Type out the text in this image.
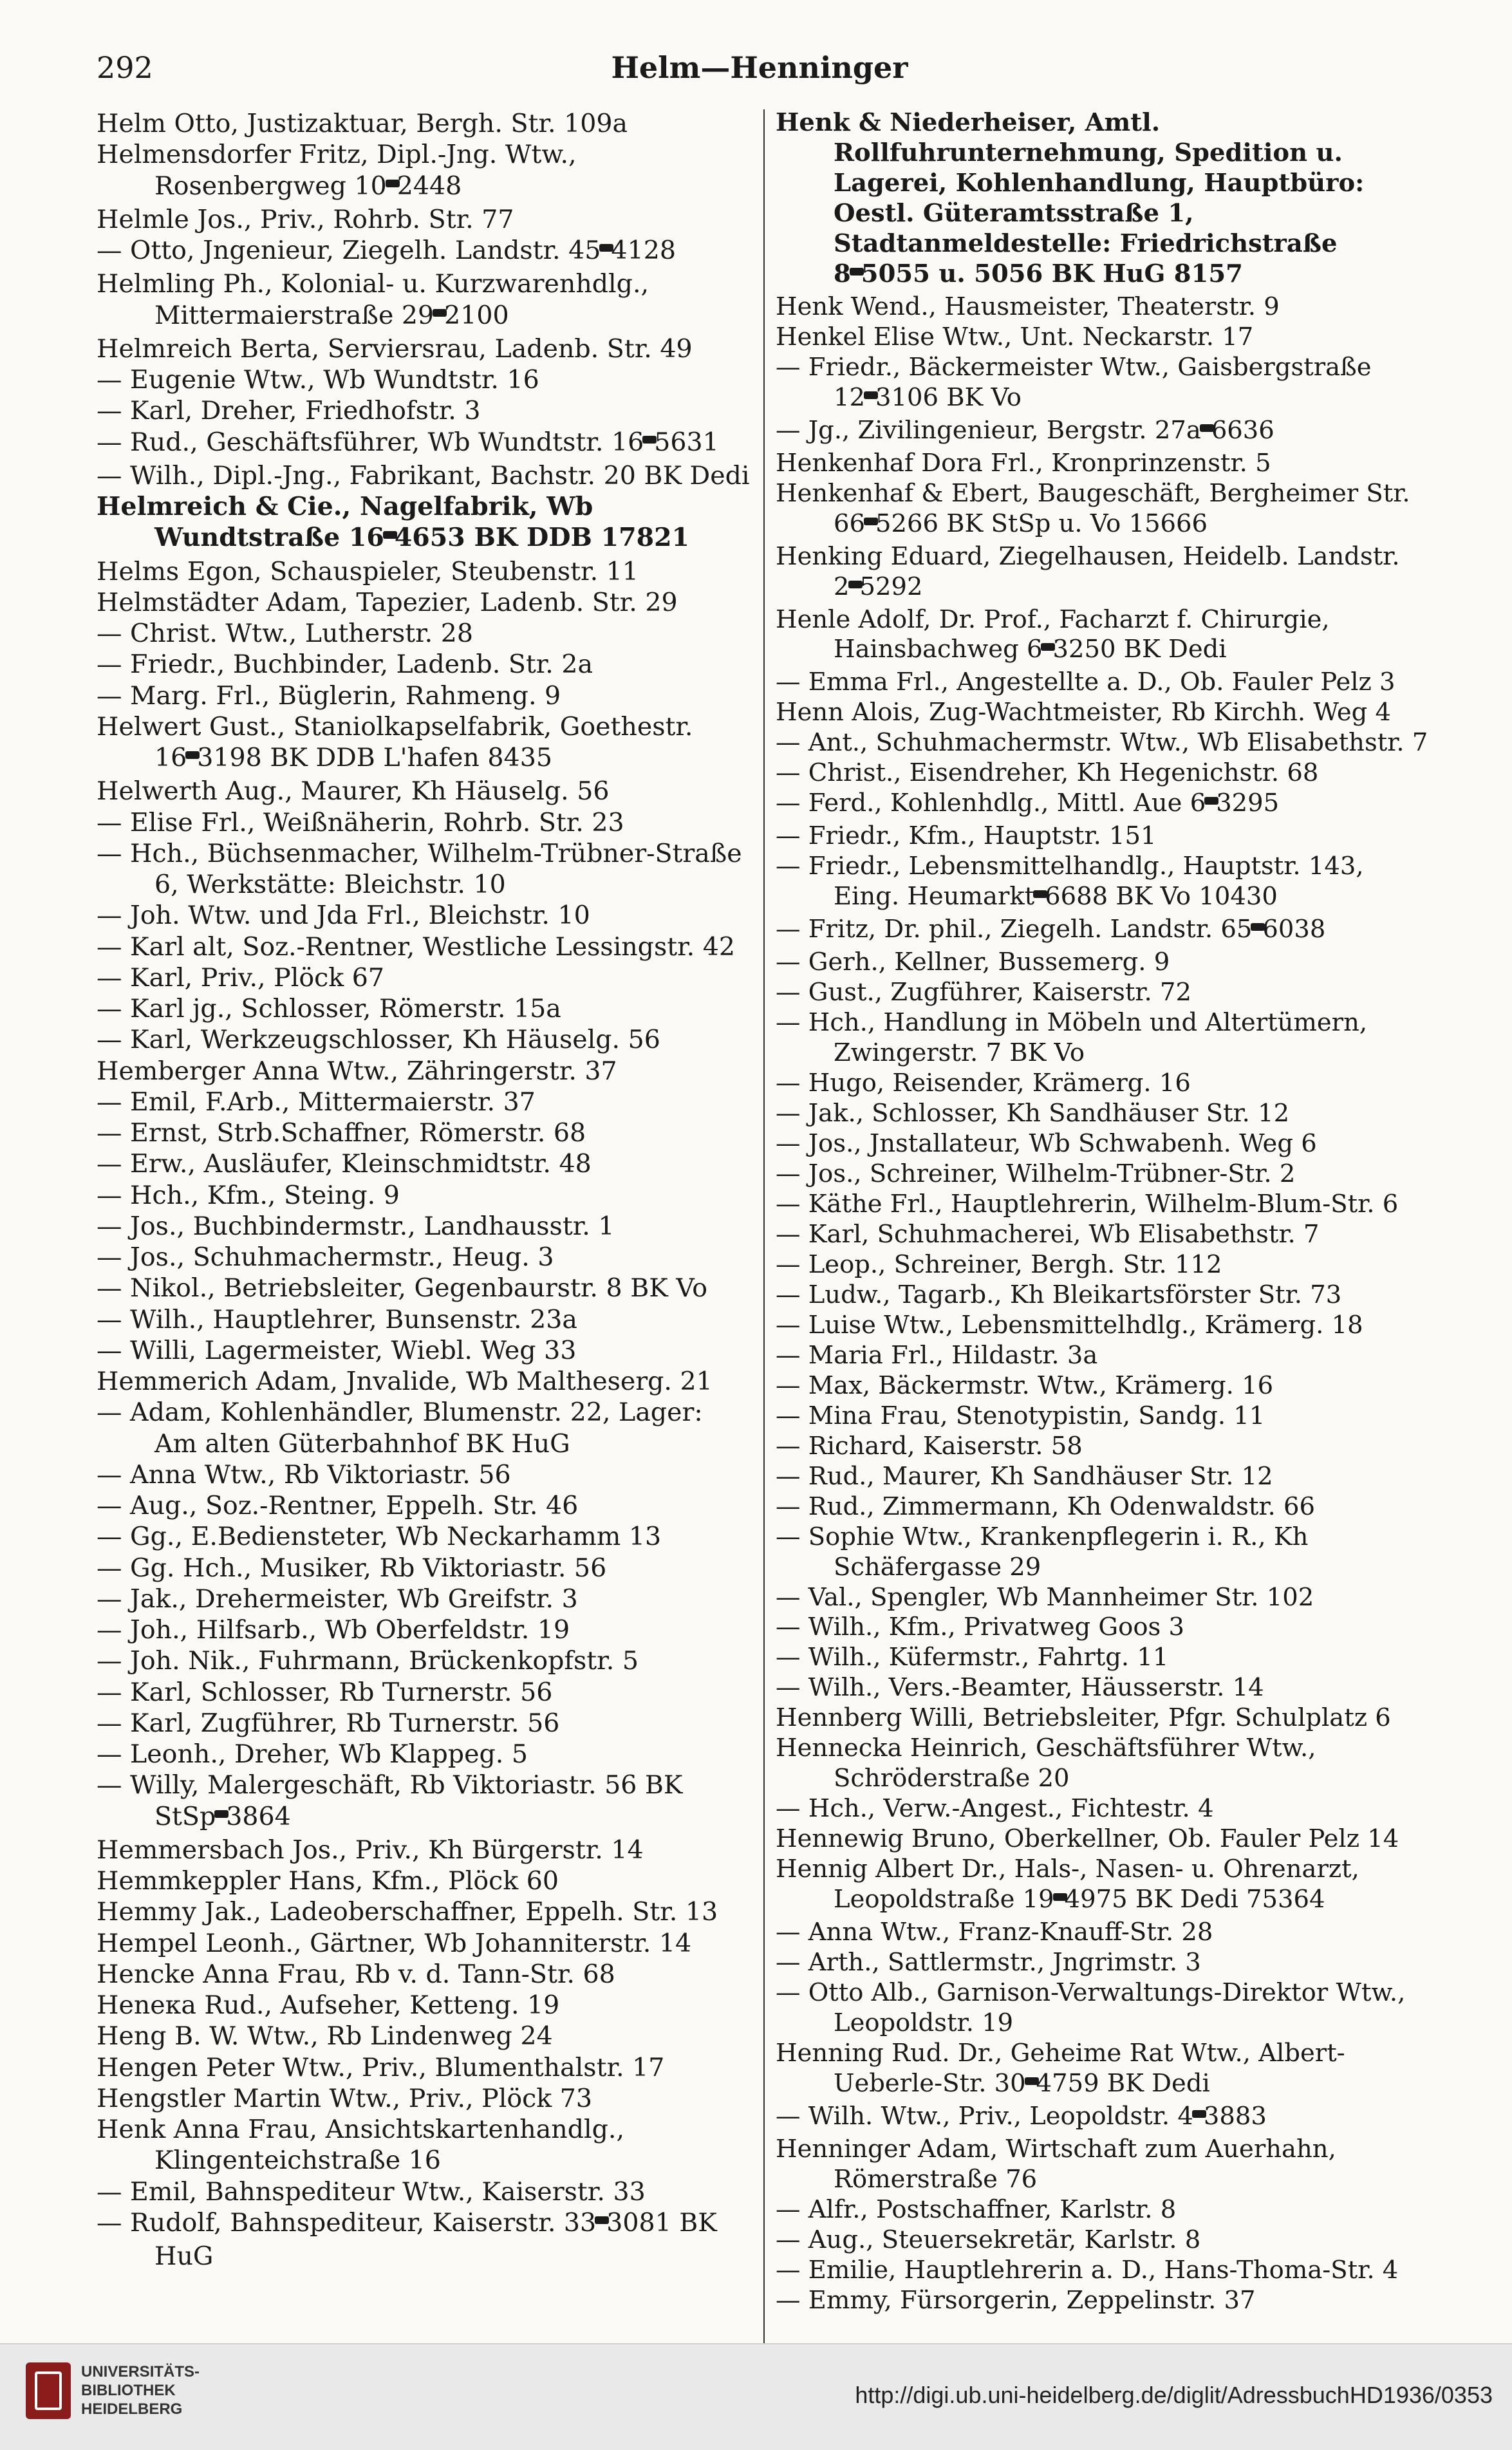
292	Helm—Henninger
Helm Otto, Justizaktuar, Bergh. Str. 109a
Helmensdorfer Fritz, Dipl.-Jng. Wtw., Rosenbergweg 10 2448
Helmle Jos., Priv., Rohrb. Str. 77
— Otto, Jngenieur, Ziegelh. Landstr. 45 4128
Helmling Ph., Kolonial- u. Kurzwarenhdlg., Mittermaierstraße 29 2100
Helmreich Berta, Serviersrau, Ladenb. Str. 49
— Eugenie Wtw., Wb Wundtstr. 16
— Karl, Dreher, Friedhofstr. 3
— Rud., Geschäftsführer, Wb Wundtstr. 16 5631
— Wilh., Dipl.-Jng., Fabrikant, Bachstr. 20 BK Dedi
Helmreich & Cie., Nagelfabrik, Wb Wundtstraße 16 4653 BK DDB 17821
Helms Egon, Schauspieler, Steubenstr. 11
Helmstädter Adam, Tapezier, Ladenb. Str. 29
— Christ. Wtw., Lutherstr. 28
— Friedr., Buchbinder, Ladenb. Str. 2a
— Marg. Frl., Büglerin, Rahmeng. 9
Helwert Gust., Staniolkapselfabrik, Goethestr. 16 3198 BK DDB L'hafen 8435
Helwerth Aug., Maurer, Kh Häuselg. 56
— Elise Frl., Weißnäherin, Rohrb. Str. 23
— Hch., Büchsenmacher, Wilhelm-Trübner-Straße 6, Werkstätte: Bleichstr. 10
— Joh. Wtw. und Jda Frl., Bleichstr. 10
— Karl alt, Soz.-Rentner, Westliche Lessingstr. 42
— Karl, Priv., Plöck 67
— Karl jg., Schlosser, Römerstr. 15a
— Karl, Werkzeugschlosser, Kh Häuselg. 56
Hemberger Anna Wtw., Zähringerstr. 37
— Emil, F.Arb., Mittermaierstr. 37
— Ernst, Strb.Schaffner, Römerstr. 68
— Erw., Ausläufer, Kleinschmidtstr. 48
— Hch., Kfm., Steing. 9
— Jos., Buchbindermstr., Landhausstr. 1
— Jos., Schuhmachermstr., Heug. 3
— Nikol., Betriebsleiter, Gegenbaurstr. 8 BK Vo
— Wilh., Hauptlehrer, Bunsenstr. 23a
— Willi, Lagermeister, Wiebl. Weg 33
Hemmerich Adam, Jnvalide, Wb Maltheserg. 21
— Adam, Kohlenhändler, Blumenstr. 22, Lager: Am alten Güterbahnhof BK HuG
— Anna Wtw., Rb Viktoriastr. 56
— Aug., Soz.-Rentner, Eppelh. Str. 46
— Gg., E.Bediensteter, Wb Neckarhamm 13
— Gg. Hch., Musiker, Rb Viktoriastr. 56
— Jak., Drehermeister, Wb Greifstr. 3
— Joh., Hilfsarb., Wb Oberfeldstr. 19
— Joh. Nik., Fuhrmann, Brückenkopfstr. 5
— Karl, Schlosser, Rb Turnerstr. 56
— Karl, Zugführer, Rb Turnerstr. 56
— Leonh., Dreher, Wb Klappeg. 5
— Willy, Malergeschäft, Rb Viktoriastr. 56 BK StSp 3864
Hemmersbach Jos., Priv., Kh Bürgerstr. 14
Hemmkeppler Hans, Kfm., Plöck 60
Hemmy Jak., Ladeoberschaffner, Eppelh. Str. 13
Hempel Leonh., Gärtner, Wb Johanniterstr. 14
Hencke Anna Frau, Rb v. d. Tann-Str. 68
Henека Rud., Aufseher, Ketteng. 19
Heng B. W. Wtw., Rb Lindenweg 24
Hengen Peter Wtw., Priv., Blumenthalstr. 17
Hengstler Martin Wtw., Priv., Plöck 73
Henk Anna Frau, Ansichtskartenhandlg., Klingenteichstraße 16
— Emil, Bahnspediteur Wtw., Kaiserstr. 33
— Rudolf, Bahnspediteur, Kaiserstr. 33 3081 BK HuG
Henk & Niederheiser, Amtl. Rollfuhrunternehmung, Spedition u. Lagerei, Kohlenhandlung, Hauptbüro: Oestl. Güteramtsstraße 1, Stadtanmeldestelle: Friedrichstraße 8 5055 u. 5056 BK HuG 8157
Henk Wend., Hausmeister, Theaterstr. 9
Henkel Elise Wtw., Unt. Neckarstr. 17
— Friedr., Bäckermeister Wtw., Gaisbergstraße 12 3106 BK Vo
— Jg., Zivilingenieur, Bergstr. 27a 6636
Henkenhaf Dora Frl., Kronprinzenstr. 5
Henkenhaf & Ebert, Baugeschäft, Bergheimer Str. 66 5266 BK StSp u. Vo 15666
Henking Eduard, Ziegelhausen, Heidelb. Landstr. 2 5292
Henle Adolf, Dr. Prof., Facharzt f. Chirurgie, Hainsbachweg 6 3250 BK Dedi
— Emma Frl., Angestellte a. D., Ob. Fauler Pelz 3
Henn Alois, Zug-Wachtmeister, Rb Kirchh. Weg 4
— Ant., Schuhmachermstr. Wtw., Wb Elisabethstr. 7
— Christ., Eisendreher, Kh Hegenichstr. 68
— Ferd., Kohlenhdlg., Mittl. Aue 6 3295
— Friedr., Kfm., Hauptstr. 151
— Friedr., Lebensmittelhandlg., Hauptstr. 143, Eing. Heumarkt 6688 BK Vo 10430
— Fritz, Dr. phil., Ziegelh. Landstr. 65 6038
— Gerh., Kellner, Bussemerg. 9
— Gust., Zugführer, Kaiserstr. 72
— Hch., Handlung in Möbeln und Altertümern, Zwingerstr. 7 BK Vo
— Hugo, Reisender, Krämerg. 16
— Jak., Schlosser, Kh Sandhäuser Str. 12
— Jos., Jnstallateur, Wb Schwabenh. Weg 6
— Jos., Schreiner, Wilhelm-Trübner-Str. 2
— Käthe Frl., Hauptlehrerin, Wilhelm-Blum-Str. 6
— Karl, Schuhmacherei, Wb Elisabethstr. 7
— Leop., Schreiner, Bergh. Str. 112
— Ludw., Tagarb., Kh Bleikartsförster Str. 73
— Luise Wtw., Lebensmittelhdlg., Krämerg. 18
— Maria Frl., Hildastr. 3a
— Max, Bäckermstr. Wtw., Krämerg. 16
— Mina Frau, Stenotypistin, Sandg. 11
— Richard, Kaiserstr. 58
— Rud., Maurer, Kh Sandhäuser Str. 12
— Rud., Zimmermann, Kh Odenwaldstr. 66
— Sophie Wtw., Krankenpflegerin i. R., Kh Schäfergasse 29
— Val., Spengler, Wb Mannheimer Str. 102
— Wilh., Kfm., Privatweg Goos 3
— Wilh., Küfermstr., Fahrtg. 11
— Wilh., Vers.-Beamter, Häusserstr. 14
Hennberg Willi, Betriebsleiter, Pfgr. Schulplatz 6
Hennecka Heinrich, Geschäftsführer Wtw., Schröderstraße 20
— Hch., Verw.-Angest., Fichtestr. 4
Hennewig Bruno, Oberkellner, Ob. Fauler Pelz 14
Hennig Albert Dr., Hals-, Nasen- u. Ohrenarzt, Leopoldstraße 19 4975 BK Dedi 75364
— Anna Wtw., Franz-Knauff-Str. 28
— Arth., Sattlermstr., Jngrimstr. 3
— Otto Alb., Garnison-Verwaltungs-Direktor Wtw., Leopoldstr. 19
Henning Rud. Dr., Geheime Rat Wtw., Albert-Ueberle-Str. 30 4759 BK Dedi
— Wilh. Wtw., Priv., Leopoldstr. 4 3883
Henninger Adam, Wirtschaft zum Auerhahn, Römerstraße 76
— Alfr., Postschaffner, Karlstr. 8
— Aug., Steuersekretär, Karlstr. 8
— Emilie, Hauptlehrerin a. D., Hans-Thoma-Str. 4
— Emmy, Fürsorgerin, Zeppelinstr. 37
UNIVERSITÄTS-
BIBLIOTHEK
HEIDELBERG
http://digi.ub.uni-heidelberg.de/diglit/AdressbuchHD1936/0353
